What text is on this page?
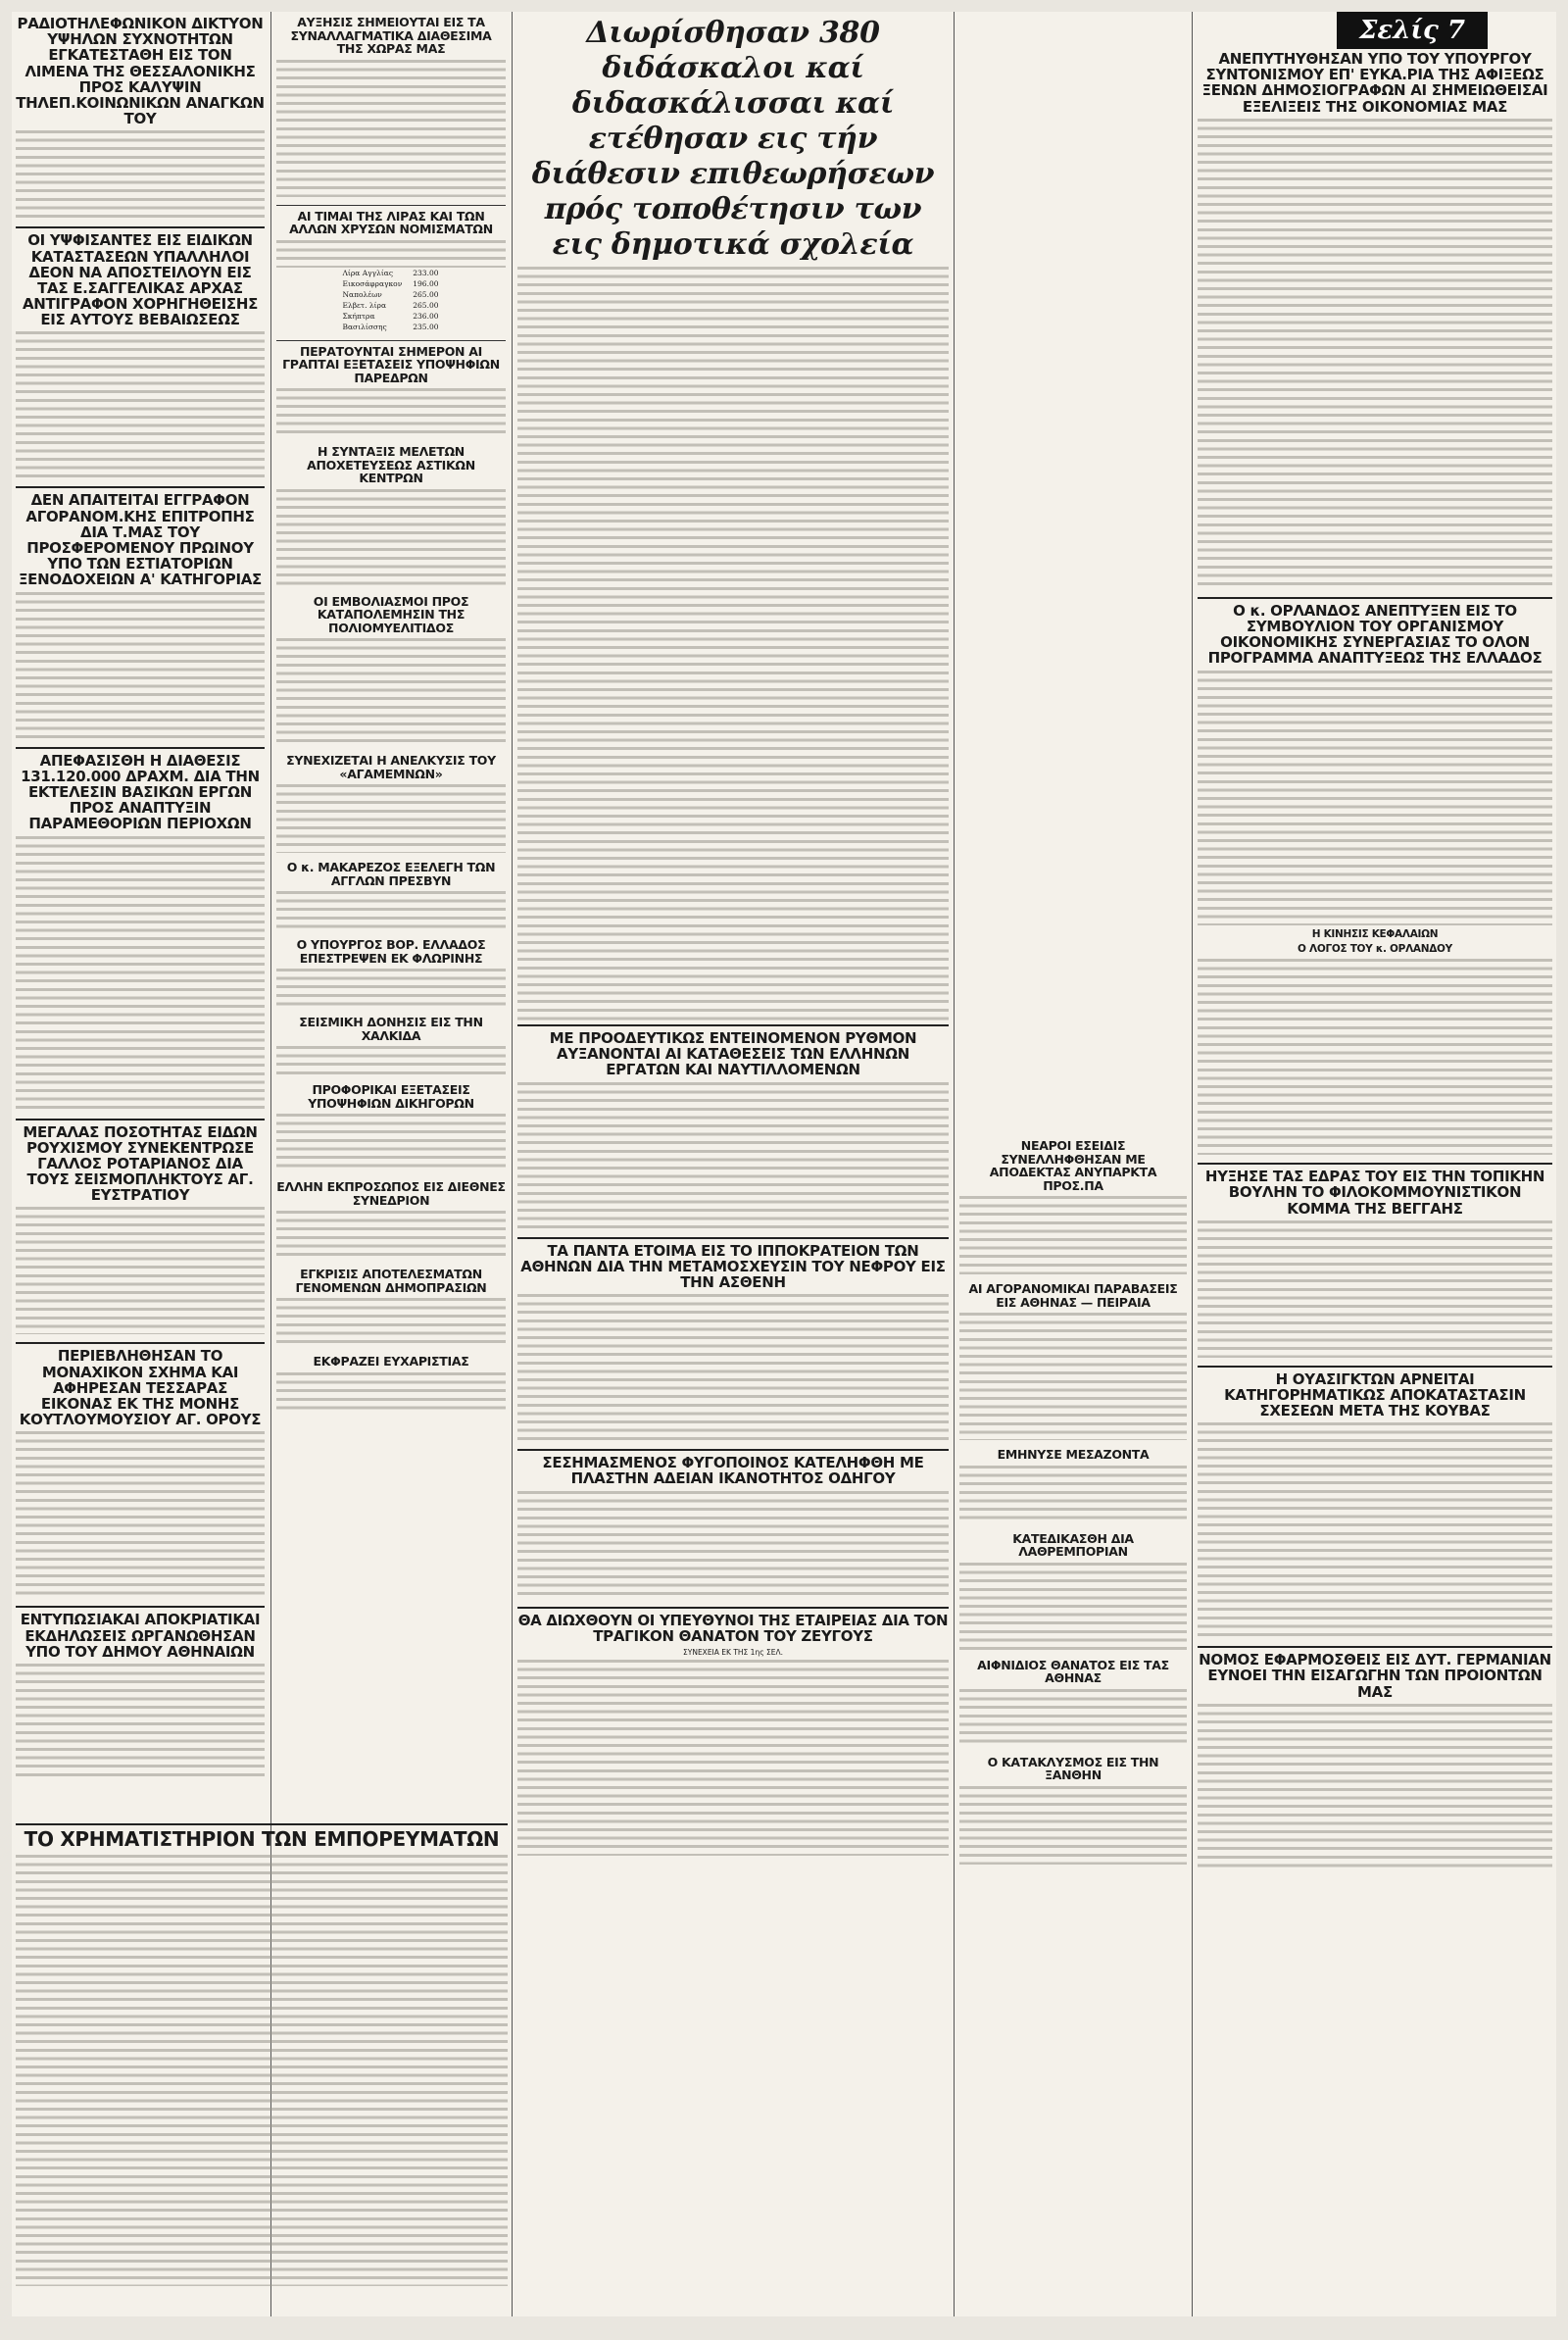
Σελίς 7
ΡΑΔΙΟΤΗΛΕΦΩΝΙΚΟΝ ΔΙΚΤΥΟΝ ΥΨΗΛΩΝ ΣΥΧΝΟΤΗΤΩΝ ΕΓΚΑΤΕΣΤΑΘΗ ΕΙΣ ΤΟΝ ΛΙΜΕΝΑ ΤΗΣ ΘΕΣΣΑΛΟΝΙΚΗΣ ΠΡΟΣ ΚΑΛΥΨΙΝ ΤΗΛΕΠ.ΚΟΙΝΩΝΙΚΩΝ ΑΝΑΓΚΩΝ ΤΟΥ
ΟΙ ΥΨΦΙΣΑΝΤΕΣ ΕΙΣ ΕΙΔΙΚΩΝ ΚΑΤΑΣΤΑΣΕΩΝ ΥΠΑΛΛΗΛΟΙ ΔΕΟΝ ΝΑ ΑΠΟΣΤΕΙΛΟΥΝ ΕΙΣ ΤΑΣ Ε.ΣΑΓΓΕΛΙΚΑΣ ΑΡΧΑΣ ΑΝΤΙΓΡΑΦΟΝ ΧΟΡΗΓΗΘΕΙΣΗΣ ΕΙΣ ΑΥΤΟΥΣ ΒΕΒΑΙΩΣΕΩΣ
ΔΕΝ ΑΠΑΙΤΕΙΤΑΙ ΕΓΓΡΑΦΟΝ ΑΓΟΡΑΝΟΜ.ΚΗΣ ΕΠΙΤΡΟΠΗΣ ΔΙΑ Τ.ΜΑΣ ΤΟΥ ΠΡΟΣΦΕΡΟΜΕΝΟΥ ΠΡΩΙΝΟΥ ΥΠΟ ΤΩΝ ΕΣΤΙΑΤΟΡΙΩΝ ΞΕΝΟΔΟΧΕΙΩΝ Α' ΚΑΤΗΓΟΡΙΑΣ
ΑΠΕΦΑΣΙΣΘΗ Η ΔΙΑΘΕΣΙΣ 131.120.000 ΔΡΑΧΜ. ΔΙΑ ΤΗΝ ΕΚΤΕΛΕΣΙΝ ΒΑΣΙΚΩΝ ΕΡΓΩΝ ΠΡΟΣ ΑΝΑΠΤΥΞΙΝ ΠΑΡΑΜΕΘΟΡΙΩΝ ΠΕΡΙΟΧΩΝ
ΜΕΓΑΛΑΣ ΠΟΣΟΤΗΤΑΣ ΕΙΔΩΝ ΡΟΥΧΙΣΜΟΥ ΣΥΝΕΚΕΝΤΡΩΣΕ ΓΑΛΛΟΣ ΡΟΤΑΡΙΑΝΟΣ ΔΙΑ ΤΟΥΣ ΣΕΙΣΜΟΠΛΗΚΤΟΥΣ ΑΓ. ΕΥΣΤΡΑΤΙΟΥ
ΠΕΡΙΕΒΛΗΘΗΣΑΝ ΤΟ ΜΟΝΑΧΙΚΟΝ ΣΧΗΜΑ ΚΑΙ ΑΦΗΡΕΣΑΝ ΤΕΣΣΑΡΑΣ ΕΙΚΟΝΑΣ ΕΚ ΤΗΣ ΜΟΝΗΣ ΚΟΥΤΛΟΥΜΟΥΣΙΟΥ ΑΓ. ΟΡΟΥΣ
ΕΝΤΥΠΩΣΙΑΚΑΙ ΑΠΟΚΡΙΑΤΙΚΑΙ ΕΚΔΗΛΩΣΕΙΣ ΩΡΓΑΝΩΘΗΣΑΝ ΥΠΟ ΤΟΥ ΔΗΜΟΥ ΑΘΗΝΑΙΩΝ
ΤΟ ΧΡΗΜΑΤΙΣΤΗΡΙΟΝ ΤΩΝ ΕΜΠΟΡΕΥΜΑΤΩΝ
ΑΥΞΗΣΙΣ ΣΗΜΕΙΟΥΤΑΙ ΕΙΣ ΤΑ ΣΥΝΑΛΛΑΓΜΑΤΙΚΑ ΔΙΑΘΕΣΙΜΑ ΤΗΣ ΧΩΡΑΣ ΜΑΣ
ΑΙ ΤΙΜΑΙ ΤΗΣ ΛΙΡΑΣ ΚΑΙ ΤΩΝ ΑΛΛΩΝ ΧΡΥΣΩΝ ΝΟΜΙΣΜΑΤΩΝ
Λίρα Αγγλίας	233.00
Εικοσάφραγκον	196.00
Ναπολέων	265.00
Ελβετ. λίρα	265.00
Σκήπτρα	236.00
Βασιλίσσης	235.00
ΠΕΡΑΤΟΥΝΤΑΙ ΣΗΜΕΡΟΝ ΑΙ ΓΡΑΠΤΑΙ ΕΞΕΤΑΣΕΙΣ ΥΠΟΨΗΦΙΩΝ ΠΑΡΕΔΡΩΝ
Η ΣΥΝΤΑΞΙΣ ΜΕΛΕΤΩΝ ΑΠΟΧΕΤΕΥΣΕΩΣ ΑΣΤΙΚΩΝ ΚΕΝΤΡΩΝ
ΟΙ ΕΜΒΟΛΙΑΣΜΟΙ ΠΡΟΣ ΚΑΤΑΠΟΛΕΜΗΣΙΝ ΤΗΣ ΠΟΛΙΟΜΥΕΛΙΤΙΔΟΣ
ΣΥΝΕΧΙΖΕΤΑΙ Η ΑΝΕΛΚΥΣΙΣ ΤΟΥ «ΑΓΑΜΕΜΝΩΝ»
Ο κ. ΜΑΚΑΡΕΖΟΣ ΕΞΕΛΕΓΗ ΤΩΝ ΑΓΓΛΩΝ ΠΡΕΣΒΥΝ
Ο ΥΠΟΥΡΓΟΣ ΒΟΡ. ΕΛΛΑΔΟΣ ΕΠΕΣΤΡΕΨΕΝ ΕΚ ΦΛΩΡΙΝΗΣ
ΣΕΙΣΜΙΚΗ ΔΟΝΗΣΙΣ ΕΙΣ ΤΗΝ ΧΑΛΚΙΔΑ
ΠΡΟΦΟΡΙΚΑΙ ΕΞΕΤΑΣΕΙΣ ΥΠΟΨΗΦΙΩΝ ΔΙΚΗΓΟΡΩΝ
ΕΛΛΗΝ ΕΚΠΡΟΣΩΠΟΣ ΕΙΣ ΔΙΕΘΝΕΣ ΣΥΝΕΔΡΙΟΝ
ΕΓΚΡΙΣΙΣ ΑΠΟΤΕΛΕΣΜΑΤΩΝ ΓΕΝΟΜΕΝΩΝ ΔΗΜΟΠΡΑΣΙΩΝ
ΕΚΦΡΑΖΕΙ ΕΥΧΑΡΙΣΤΙΑΣ
Διωρίσθησαν 380 διδάσκαλοι καί διδασκάλισσαι καί ετέθησαν εις τήν διάθεσιν επιθεωρήσεων πρός τοποθέτησιν των εις δημοτικά σχολεία
ΜΕ ΠΡΟΟΔΕΥΤΙΚΩΣ ΕΝΤΕΙΝΟΜΕΝΟΝ ΡΥΘΜΟΝ ΑΥΞΑΝΟΝΤΑΙ ΑΙ ΚΑΤΑΘΕΣΕΙΣ ΤΩΝ ΕΛΛΗΝΩΝ ΕΡΓΑΤΩΝ ΚΑΙ ΝΑΥΤΙΛΛΟΜΕΝΩΝ
ΤΑ ΠΑΝΤΑ ΕΤΟΙΜΑ ΕΙΣ ΤΟ ΙΠΠΟΚΡΑΤΕΙΟΝ ΤΩΝ ΑΘΗΝΩΝ ΔΙΑ ΤΗΝ ΜΕΤΑΜΟΣΧΕΥΣΙΝ ΤΟΥ ΝΕΦΡΟΥ ΕΙΣ ΤΗΝ ΑΣΘΕΝΗ
ΣΕΣΗΜΑΣΜΕΝΟΣ ΦΥΓΟΠΟΙΝΟΣ ΚΑΤΕΛΗΦΘΗ ΜΕ ΠΛΑΣΤΗΝ ΑΔΕΙΑΝ ΙΚΑΝΟΤΗΤΟΣ ΟΔΗΓΟΥ
ΘΑ ΔΙΩΧΘΟΥΝ ΟΙ ΥΠΕΥΘΥΝΟΙ ΤΗΣ ΕΤΑΙΡΕΙΑΣ ΔΙΑ ΤΟΝ ΤΡΑΓΙΚΟΝ ΘΑΝΑΤΟΝ ΤΟΥ ΖΕΥΓΟΥΣ
ΣΥΝΕΧΕΙΑ ΕΚ ΤΗΣ 1ης ΣΕΛ.
ΝΕΑΡΟΙ ΕΣΕΙΔΙΣ ΣΥΝΕΛΛΗΦΘΗΣΑΝ ΜΕ ΑΠΟΔΕΚΤΑΣ ΑΝΥΠΑΡΚΤΑ ΠΡΟΣ.ΠΑ
ΑΙ ΑΓΟΡΑΝΟΜΙΚΑΙ ΠΑΡΑΒΑΣΕΙΣ ΕΙΣ ΑΘΗΝΑΣ — ΠΕΙΡΑΙΑ
ΕΜΗΝΥΣΕ ΜΕΣΑΖΟΝΤΑ
ΚΑΤΕΔΙΚΑΣΘΗ ΔΙΑ ΛΑΘΡΕΜΠΟΡΙΑΝ
ΑΙΦΝΙΔΙΟΣ ΘΑΝΑΤΟΣ ΕΙΣ ΤΑΣ ΑΘΗΝΑΣ
Ο ΚΑΤΑΚΛΥΣΜΟΣ ΕΙΣ ΤΗΝ ΞΑΝΘΗΝ
ΑΝΕΠΥΤΗΥΘΗΣΑΝ ΥΠΟ ΤΟΥ ΥΠΟΥΡΓΟΥ ΣΥΝΤΟΝΙΣΜΟΥ ΕΠ' ΕΥΚΑ.ΡΙΑ ΤΗΣ ΑΦΙΞΕΩΣ ΞΕΝΩΝ ΔΗΜΟΣΙΟΓΡΑΦΩΝ ΑΙ ΣΗΜΕΙΩΘΕΙΣΑΙ ΕΞΕΛΙΞΕΙΣ ΤΗΣ ΟΙΚΟΝΟΜΙΑΣ ΜΑΣ
Ο κ. ΟΡΛΑΝΔΟΣ ΑΝΕΠΤΥΞΕΝ ΕΙΣ ΤΟ ΣΥΜΒΟΥΛΙΟΝ ΤΟΥ ΟΡΓΑΝΙΣΜΟΥ ΟΙΚΟΝΟΜΙΚΗΣ ΣΥΝΕΡΓΑΣΙΑΣ ΤΟ ΟΛΟΝ ΠΡΟΓΡΑΜΜΑ ΑΝΑΠΤΥΞΕΩΣ ΤΗΣ ΕΛΛΑΔΟΣ
Η ΚΙΝΗΣΙΣ ΚΕΦΑΛΑΙΩΝ
Ο ΛΟΓΟΣ ΤΟΥ κ. ΟΡΛΑΝΔΟΥ
ΗΥΞΗΣΕ ΤΑΣ ΕΔΡΑΣ ΤΟΥ ΕΙΣ ΤΗΝ ΤΟΠΙΚΗΝ ΒΟΥΛΗΝ ΤΟ ΦΙΛΟΚΟΜΜΟΥΝΙΣΤΙΚΟΝ ΚΟΜΜΑ ΤΗΣ ΒΕΓΓΑΗΣ
Η ΟΥΑΣΙΓΚΤΩΝ ΑΡΝΕΙΤΑΙ ΚΑΤΗΓΟΡΗΜΑΤΙΚΩΣ ΑΠΟΚΑΤΑΣΤΑΣΙΝ ΣΧΕΣΕΩΝ ΜΕΤΑ ΤΗΣ ΚΟΥΒΑΣ
ΝΟΜΟΣ ΕΦΑΡΜΟΣΘΕΙΣ ΕΙΣ ΔΥΤ. ΓΕΡΜΑΝΙΑΝ ΕΥΝΟΕΙ ΤΗΝ ΕΙΣΑΓΩΓΗΝ ΤΩΝ ΠΡΟΙΟΝΤΩΝ ΜΑΣ
